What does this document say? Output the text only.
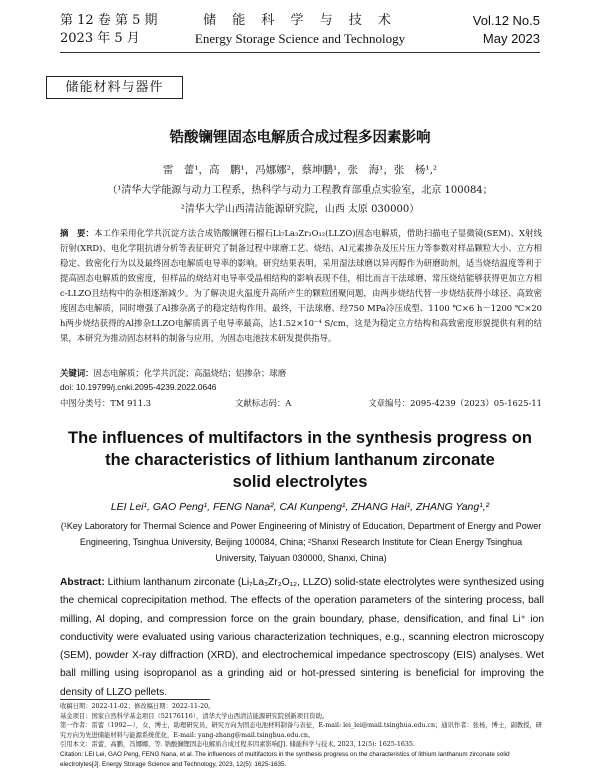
第 12 卷 第 5 期
2023 年 5 月
储 能 科 学 与 技 术
Energy Storage Science and Technology
Vol.12 No.5
May 2023
储能材料与器件
锆酸镧锂固态电解质合成过程多因素影响
雷　蕾¹，高　鹏¹，冯娜娜²，蔡坤鹏¹，张　海¹，张　杨¹,²
（¹清华大学能源与动力工程系，热科学与动力工程教育部重点实验室，北京 100084；
²清华大学山西清洁能源研究院，山西 太原 030000）
摘　要：本工作采用化学共沉淀方法合成锆酸镧锂石榴石Li₇La₃Zr₂O₁₂(LLZO)固态电解质，借助扫描电子显微镜(SEM)、X射线衍射(XRD)、电化学阻抗谱分析等表征研究了制备过程中球磨工艺、烧结、Al元素掺杂及压片压力等参数对样品颗粒大小、立方相稳定、致密化行为以及最终固态电解质电导率的影响。研究结果表明，采用湿法球磨以异丙醇作为研磨助剂，适当烧结温度等利于提高固态电解质的致密度，但样品的烧结对电导率受晶相结构的影响表现不佳，相比而言干法球磨、常压烧结能够获得更加立方相c-LLZO且结构中的杂相逐渐减少。为了解决退火温度升高所产生的颗粒团聚问题，由两步烧结代替一步烧结获得小球径、高致密度固态电解质，同时增强了Al掺杂离子的稳定结构作用。最终，干法球磨、经750 MPa冷压成型、1100 ℃×6 h－1200 ℃×20 h两步烧结获得的Al掺杂LLZO电解质离子电导率最高，达1.52×10⁻⁴ S/cm，这是为稳定立方结构和高致密度形貌提供有利的结果，本研究为推动固态材料的制备与应用，为固态电池技术研发提供指导。
关键词：固态电解质；化学共沉淀；高温烧结；铝掺杂；球磨
doi: 10.19799/j.cnki.2095-4239.2022.0646
中图分类号：TM 911.3	文献标志码：A	文章编号：2095-4239（2023）05-1625-11
The influences of multifactors in the synthesis progress on
the characteristics of lithium lanthanum zirconate
solid electrolytes
LEI Lei¹, GAO Peng¹, FENG Nana², CAI Kunpeng¹, ZHANG Hai¹, ZHANG Yang¹,²
(¹Key Laboratory for Thermal Science and Power Engineering of Ministry of Education, Department of Energy and Power Engineering, Tsinghua University, Beijing 100084, China; ²Shanxi Research Institute for Clean Energy Tsinghua University, Taiyuan 030000, Shanxi, China)
Abstract: Lithium lanthanum zirconate (Li₇La₃Zr₂O₁₂, LLZO) solid-state electrolytes were synthesized using the chemical coprecipitation method. The effects of the operation parameters of the sintering process, ball milling, Al doping, and compression force on the grain boundary, phase, densification, and final Li⁺ ion conductivity were evaluated using various characterization techniques, e.g., scanning electron microscopy (SEM), powder X-ray diffraction (XRD), and electrochemical impedance spectroscopy (EIS) analyses. Wet ball milling using isopropanol as a grinding aid or hot-pressed sintering is beneficial for improving the density of LLZO pellets.

收稿日期：2022-11-02；修改稿日期：2022-11-20。

基金项目：国家自然科学基金项目（52176116），清华大学山西清洁能源研究院创新项目资助。

第一作者：雷蕾（1992—），女，博士，助理研究员，研究方向为固态电池材料制备与表征，E-mail: lei_lei@mail.tsinghua.edu.cn；通讯作者：张杨，博士，副教授，研究方向为先进储能材料与能源系统优化，E-mail: yang-zhang@mail.tsinghua.edu.cn。

引用本文：雷蕾，高鹏，冯娜娜，等. 锆酸镧锂固态电解质合成过程多因素影响[J]. 储能科学与技术, 2023, 12(5): 1625-1635.

Citation: LEI Lei, GAO Peng, FENG Nana, et al. The influences of multifactors in the synthesis progress on the characteristics of lithium lanthanum zirconate solid electrolytes[J]. Energy Storage Science and Technology, 2023, 12(5): 1625-1635.
